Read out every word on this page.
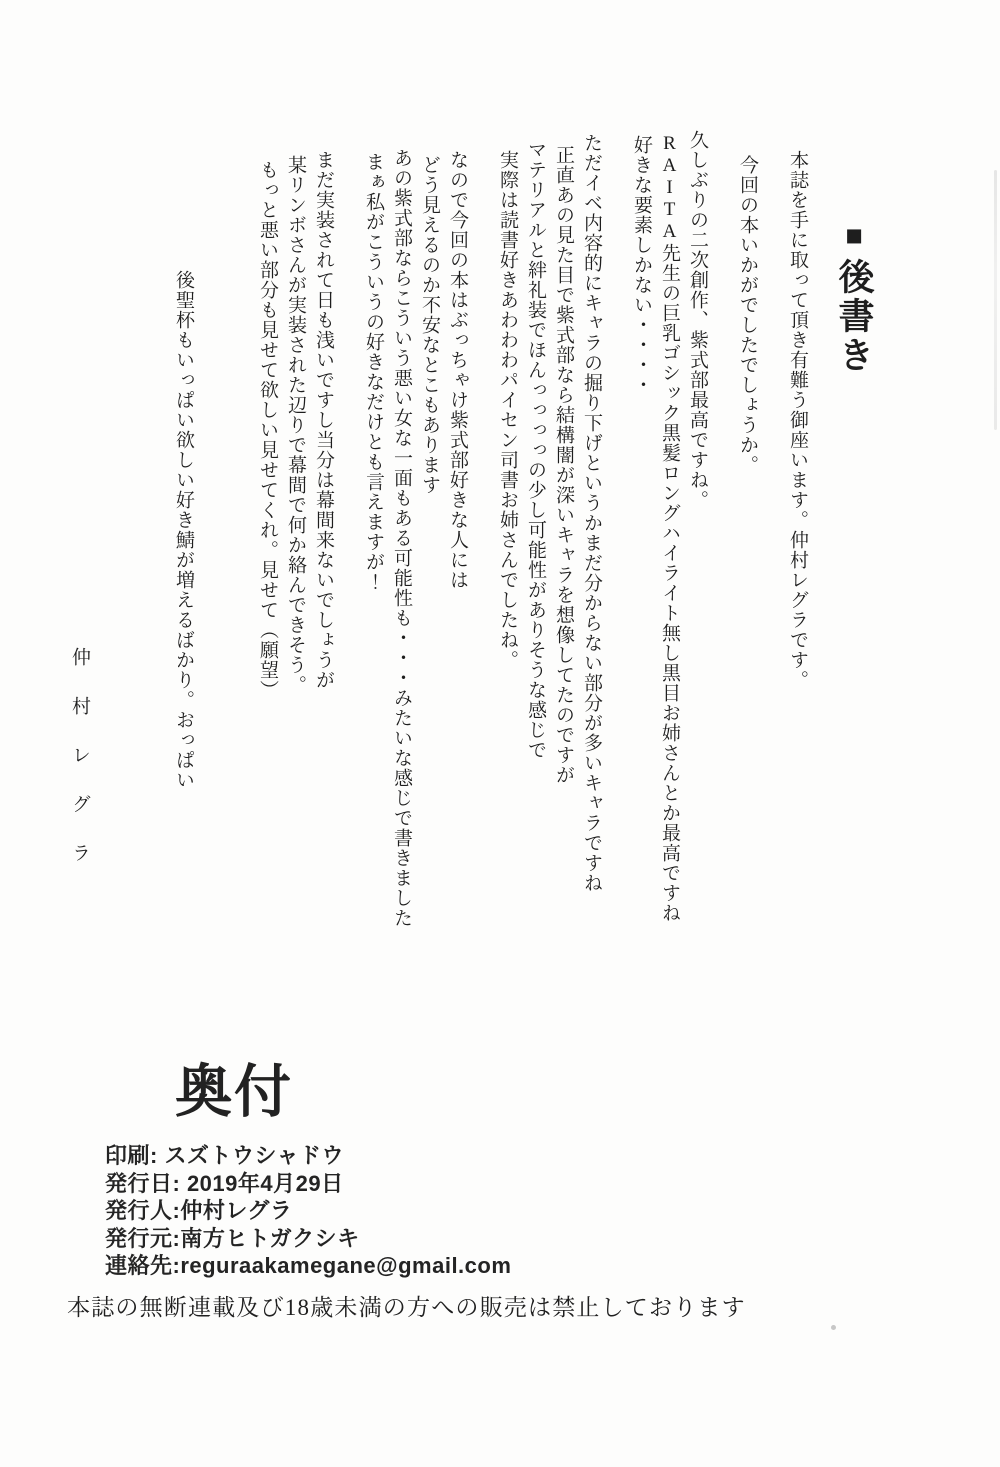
■後書き

本誌を手に取って頂き有難う御座います。仲村レグラです。

今回の本いかがでしたでしょうか。

久しぶりの二次創作、紫式部最高ですね。

RAITA先生の巨乳ゴシック黒髪ロングハイライト無し黒目お姉さんとか最高ですね

好きな要素しかない・・・・

ただイベ内容的にキャラの掘り下げというかまだ分からない部分が多いキャラですね

正直あの見た目で紫式部なら結構闇が深いキャラを想像してたのですが

マテリアルと絆礼装でほんっっっっの少し可能性がありそうな感じで

実際は読書好きあわわわパイセン司書お姉さんでしたね。

なので今回の本はぶっちゃけ紫式部好きな人には

どう見えるのか不安なとこもあります

あの紫式部ならこういう悪い女な一面もある可能性も・・・みたいな感じで書きました

まぁ私がこういうの好きなだけとも言えますが！

まだ実装されて日も浅いですし当分は幕間来ないでしょうが

某リンボさんが実装された辺りで幕間で何か絡んできそう。

もっと悪い部分も見せて欲しい見せてくれ。見せて（願望）

後聖杯もいっぱい欲しい好き鯖が増えるばかり。おっぱい

仲村レグラ

奥付
印刷: スズトウシャドウ
発行日: 2019年4月29日
発行人:仲村レグラ
発行元:南方ヒトガクシキ
連絡先:reguraakamegane@gmail.com
本誌の無断連載及び18歳未満の方への販売は禁止しております
